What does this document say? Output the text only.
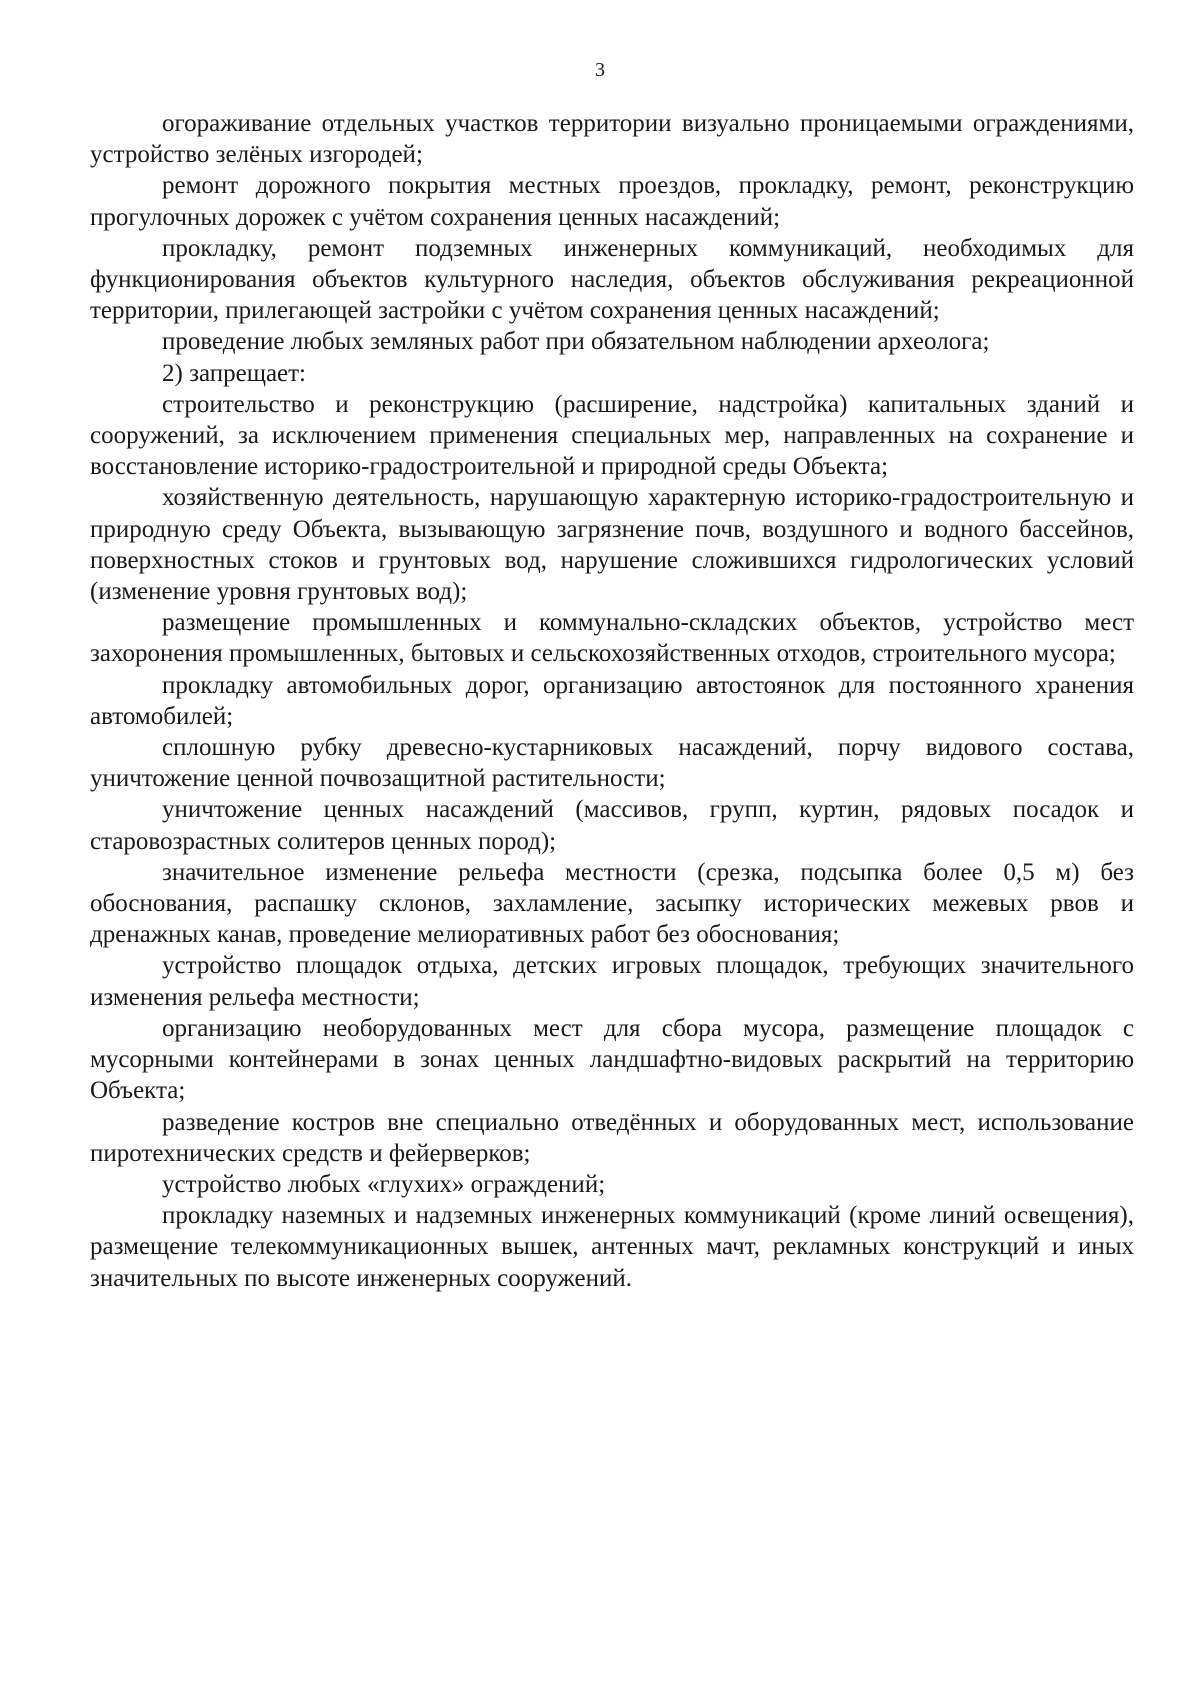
3

огораживание отдельных участков территории визуально проницаемыми ограждениями, устройство зелёных изгородей;

ремонт дорожного покрытия местных проездов, прокладку, ремонт, реконструкцию прогулочных дорожек с учётом сохранения ценных насаждений;

прокладку, ремонт подземных инженерных коммуникаций, необходимых для функционирования объектов культурного наследия, объектов обслуживания рекреационной территории, прилегающей застройки с учётом сохранения ценных насаждений;

проведение любых земляных работ при обязательном наблюдении археолога;

2) запрещает:

строительство и реконструкцию (расширение, надстройка) капитальных зданий и сооружений, за исключением применения специальных мер, направленных на сохранение и восстановление историко-градостроительной и природной среды Объекта;

хозяйственную деятельность, нарушающую характерную историко-градостроительную и природную среду Объекта, вызывающую загрязнение почв, воздушного и водного бассейнов, поверхностных стоков и грунтовых вод, нарушение сложившихся гидрологических условий (изменение уровня грунтовых вод);

размещение промышленных и коммунально-складских объектов, устройство мест захоронения промышленных, бытовых и сельскохозяйственных отходов, строительного мусора;

прокладку автомобильных дорог, организацию автостоянок для постоянного хранения автомобилей;

сплошную рубку древесно-кустарниковых насаждений, порчу видового состава, уничтожение ценной почвозащитной растительности;

уничтожение ценных насаждений (массивов, групп, куртин, рядовых посадок и старовозрастных солитеров ценных пород);

значительное изменение рельефа местности (срезка, подсыпка более 0,5 м) без обоснования, распашку склонов, захламление, засыпку исторических межевых рвов и дренажных канав, проведение мелиоративных работ без обоснования;

устройство площадок отдыха, детских игровых площадок, требующих значительного изменения рельефа местности;

организацию необорудованных мест для сбора мусора, размещение площадок с мусорными контейнерами в зонах ценных ландшафтно-видовых раскрытий на территорию Объекта;

разведение костров вне специально отведённых и оборудованных мест, использование пиротехнических средств и фейерверков;

устройство любых «глухих» ограждений;

прокладку наземных и надземных инженерных коммуникаций (кроме линий освещения), размещение телекоммуникационных вышек, антенных мачт, рекламных конструкций и иных значительных по высоте инженерных сооружений.
